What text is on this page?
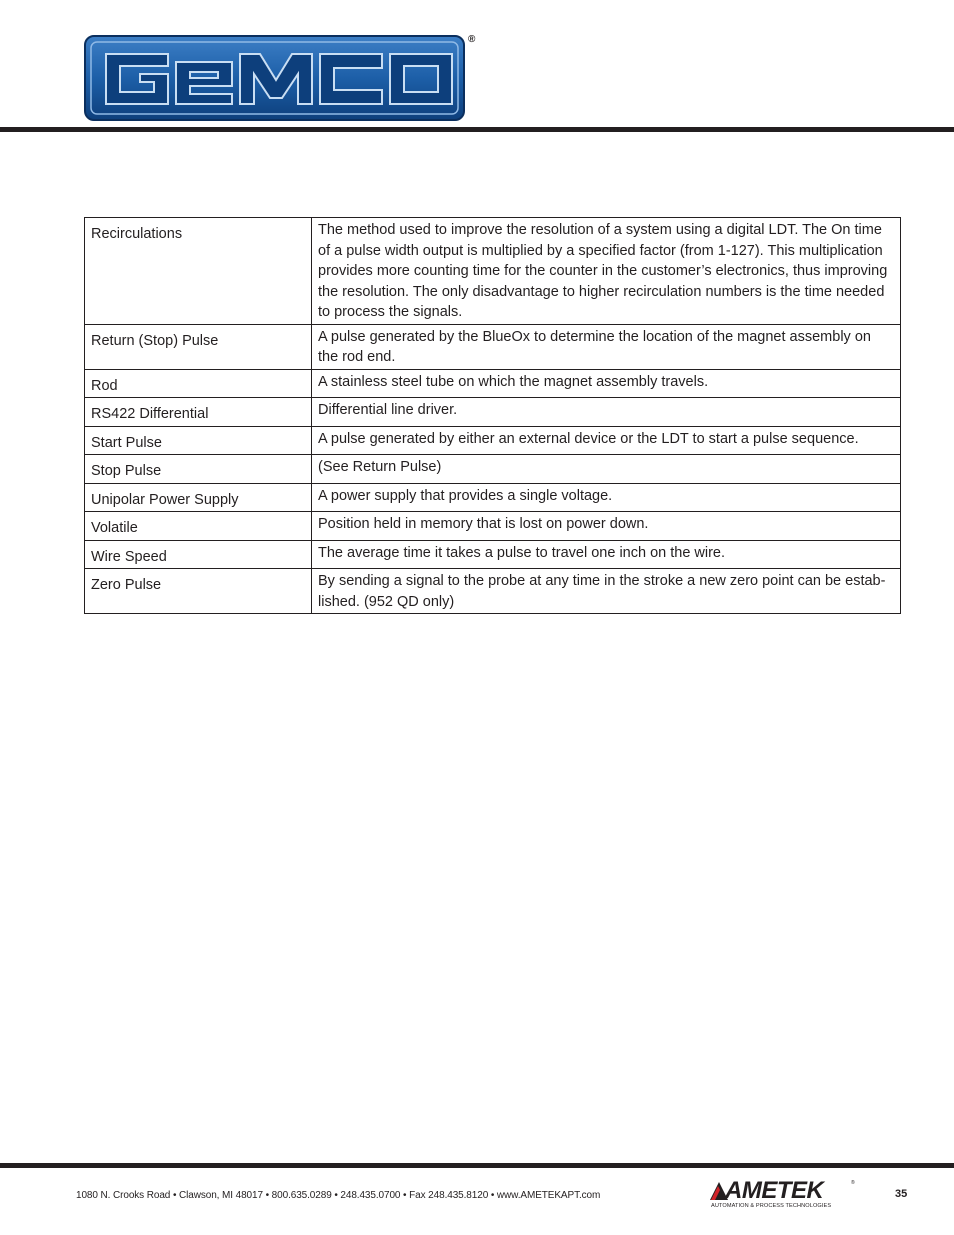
®
Recirculations	The method used to improve the resolution of a system using a digital LDT. The On time of a pulse width output is multiplied by a specified factor (from 1-127). This multiplication provides more counting time for the counter in the customer’s electronics, thus improving the resolution. The only disadvantage to higher recirculation numbers is the time needed to process the signals.
Return (Stop) Pulse	A pulse generated by the BlueOx to determine the location of the magnet assembly on the rod end.
Rod	A stainless steel tube on which the magnet assembly travels.
RS422 Differential	Differential line driver.
Start Pulse	A pulse generated by either an external device or the LDT to start a pulse sequence.
Stop Pulse	(See Return Pulse)
Unipolar Power Supply	A power supply that provides a single voltage.
Volatile	Position held in memory that is lost on power down.
Wire Speed	The average time it takes a pulse to travel one inch on the wire.
Zero Pulse	By sending a signal to the probe at any time in the stroke a new zero point can be established. (952 QD only)
1080 N. Crooks Road • Clawson, MI 48017 • 800.635.0289 • 248.435.0700 • Fax 248.435.8120 • www.AMETEKAPT.com	AMETEK	®
AUTOMATION & PROCESS TECHNOLOGIES
35
